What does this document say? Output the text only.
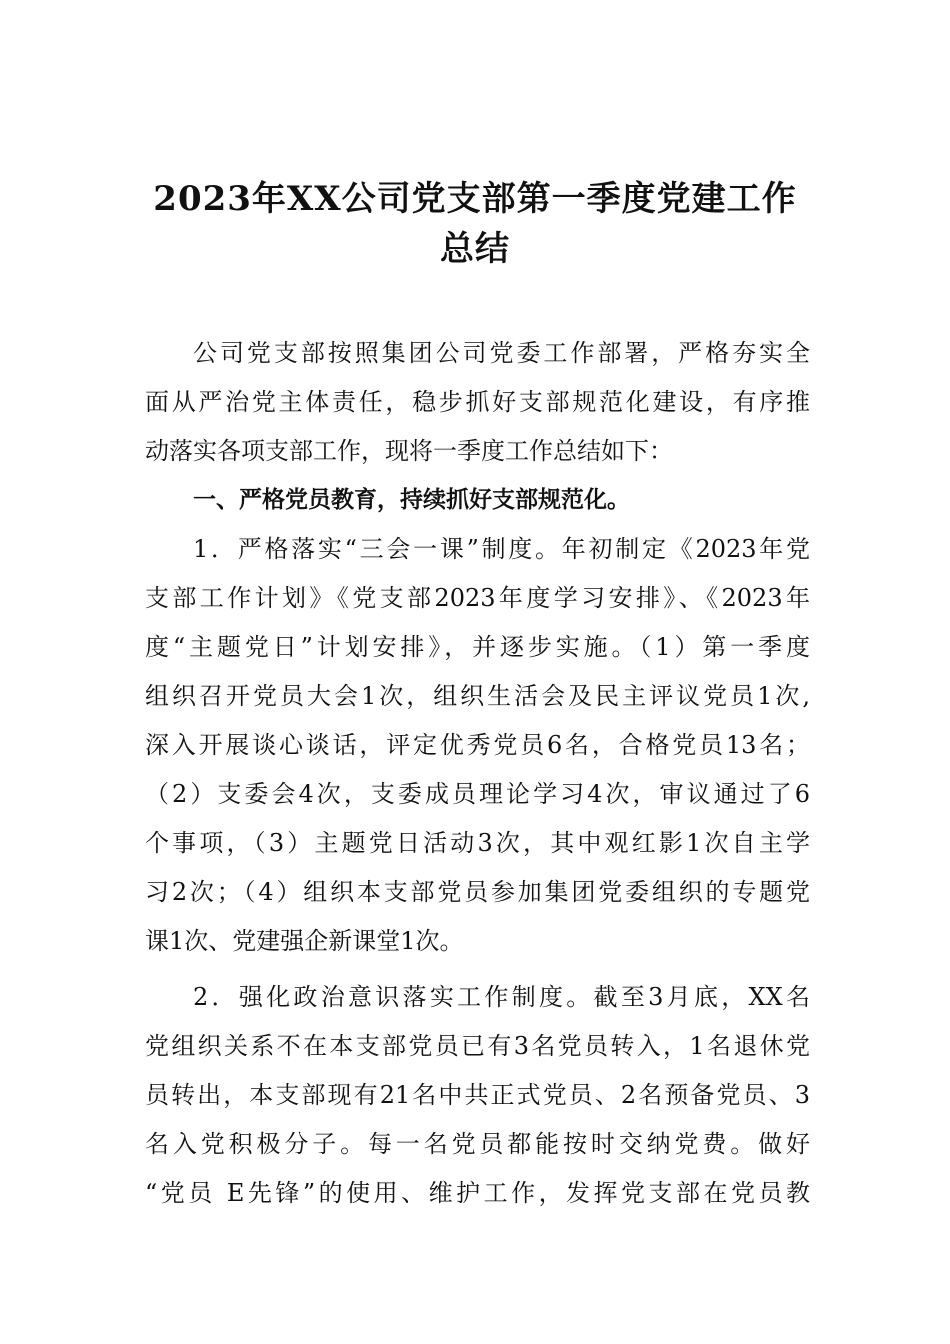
2023年XX公司党支部第一季度党建工作
总结

公司党支部按照集团公司党委工作部署，严格夯实全

面从严治党主体责任，稳步抓好支部规范化建设，有序推

动落实各项支部工作，现将一季度工作总结如下：

一、严格党员教育，持续抓好支部规范化。

1．严格落实“三会一课”制度。年初制定《2023年党

支部工作计划》《党支部2023年度学习安排》、《2023年

度“主题党日”计划安排》，并逐步实施。（1）第一季度

组织召开党员大会1次，组织生活会及民主评议党员1次,

深入开展谈心谈话，评定优秀党员6名，合格党员13名；

（2）支委会4次，支委成员理论学习4次，审议通过了6

个事项，（3）主题党日活动3次，其中观红影1次自主学

习2次；（4）组织本支部党员参加集团党委组织的专题党

课1次、党建强企新课堂1次。

2．强化政治意识落实工作制度。截至3月底，XX名

党组织关系不在本支部党员已有3名党员转入，1名退休党

员转出，本支部现有21名中共正式党员、2名预备党员、3

名入党积极分子。每一名党员都能按时交纳党费。做好

“党员 E先锋”的使用、维护工作，发挥党支部在党员教
